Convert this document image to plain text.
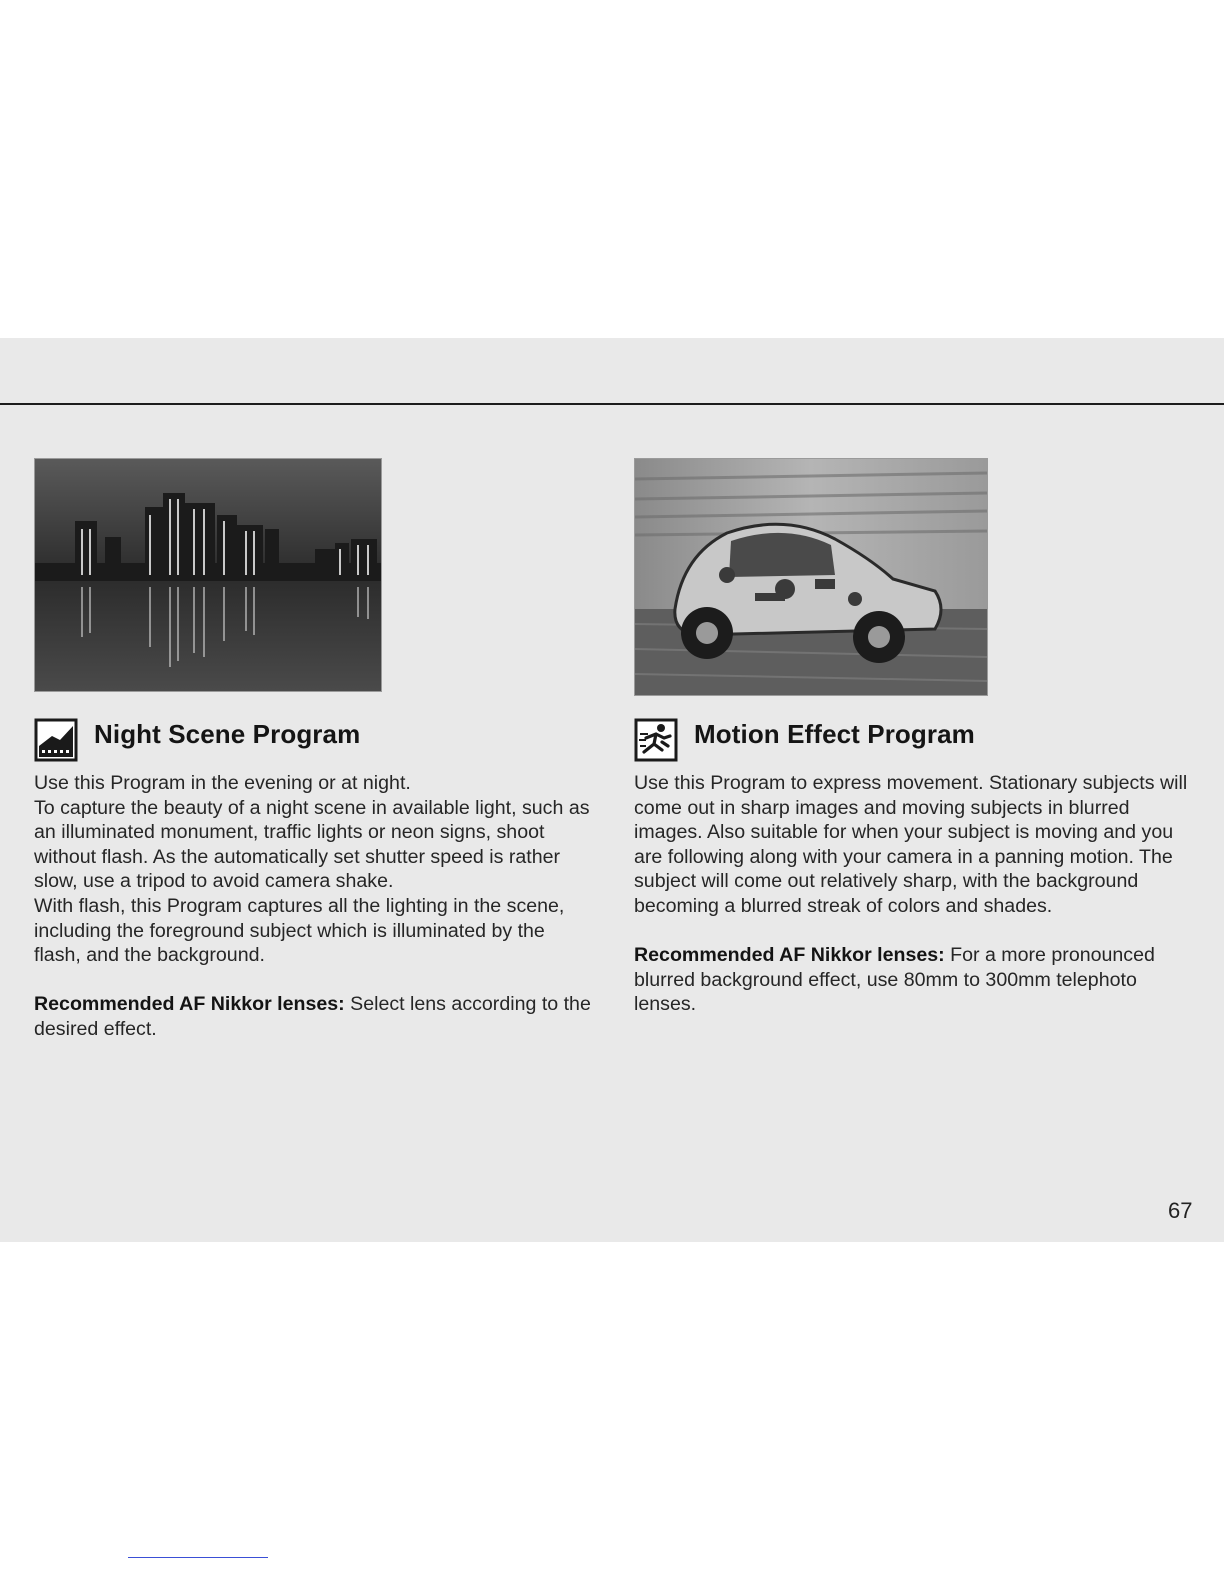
Night Scene Program	Motion Effect Program

Use this Program in the evening or at night.

To capture the beauty of a night scene in available light, such as an illuminated monument, traffic lights or neon signs, shoot without flash. As the automatically set shutter speed is rather slow, use a tripod to avoid camera shake.

With flash, this Program captures all the lighting in the scene, including the foreground subject which is illuminated by the flash, and the background.

Recommended AF Nikkor lenses: Select lens according to the desired effect.

Use this Program to express movement. Stationary subjects will come out in sharp images and moving subjects in blurred images. Also suitable for when your subject is moving and you are following along with your camera in a panning motion. The subject will come out relatively sharp, with the background becoming a blurred streak of colors and shades.

Recommended AF Nikkor lenses: For a more pronounced blurred background effect, use 80mm to 300mm telephoto lenses.

67
